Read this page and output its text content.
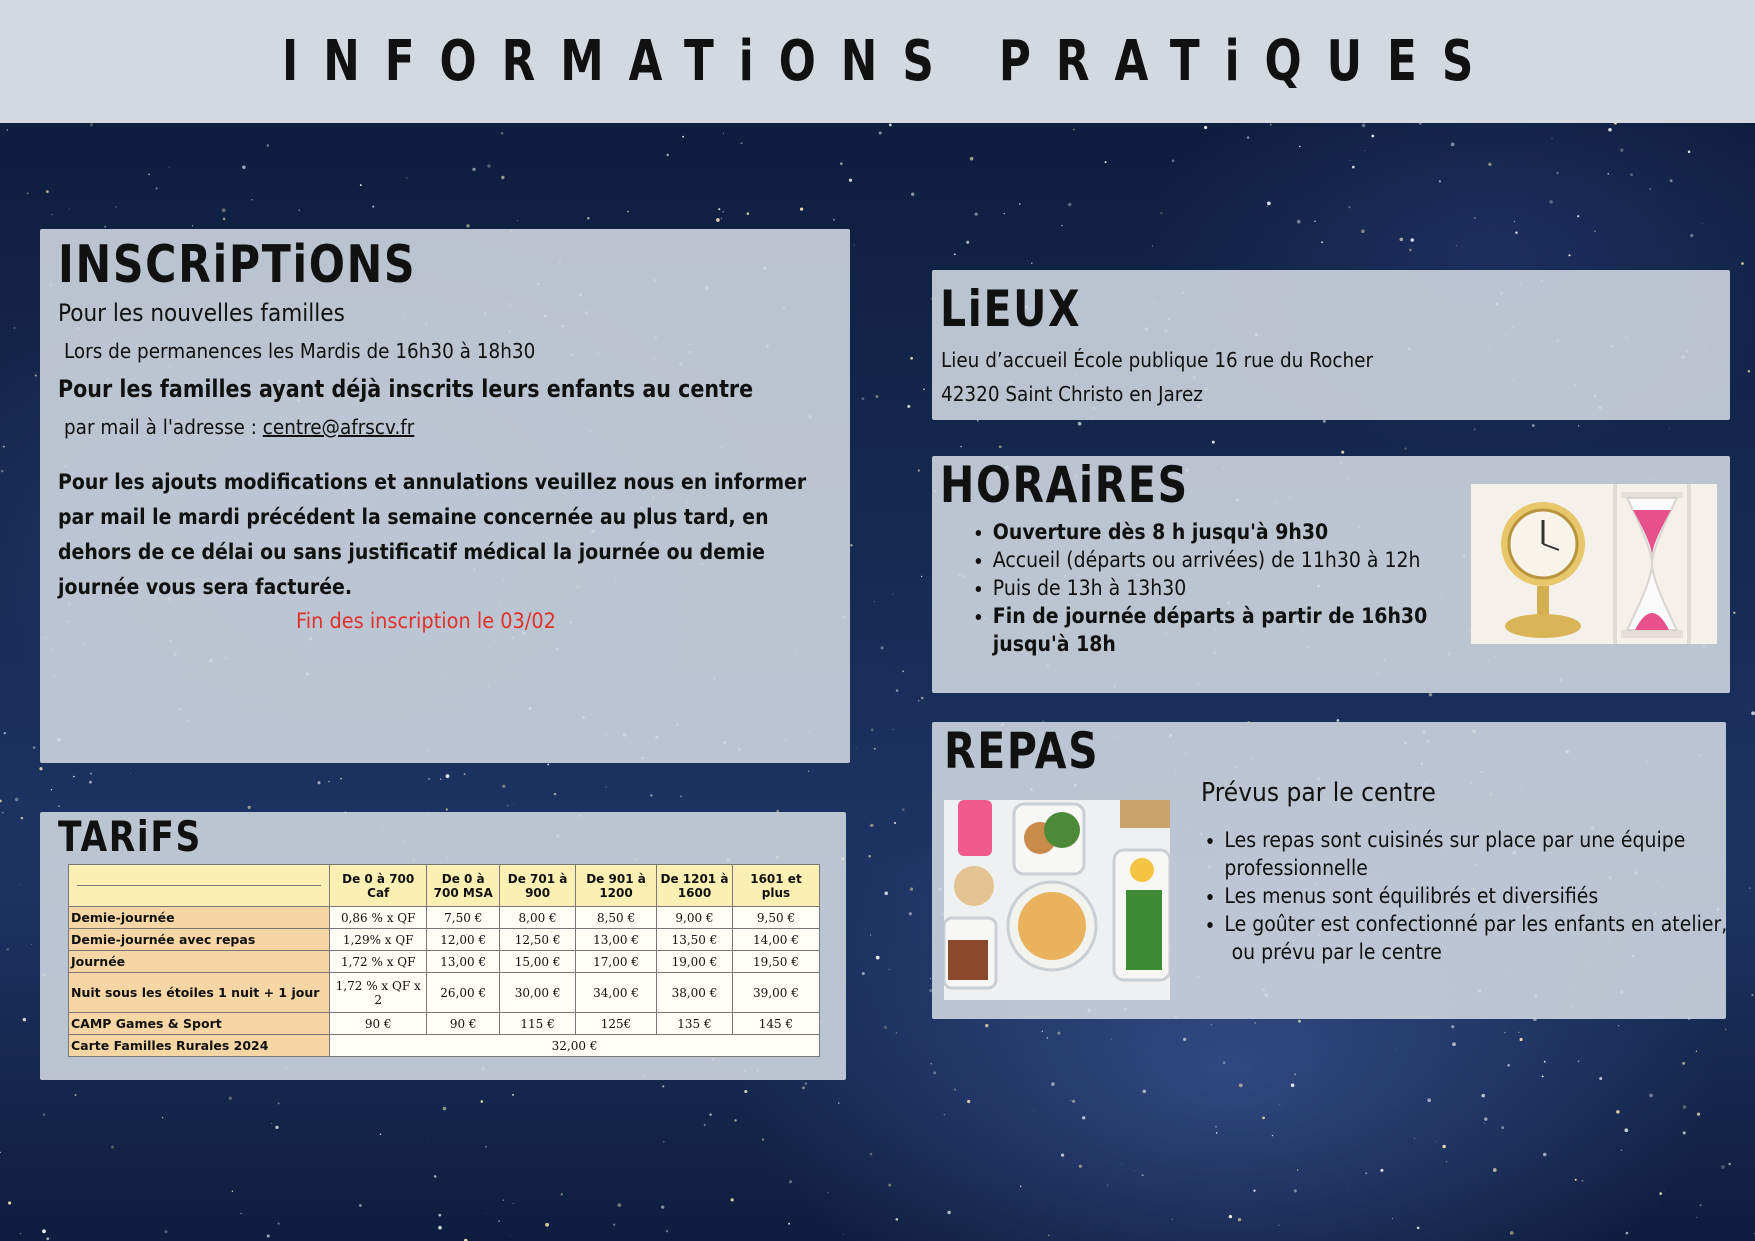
INFORMATiONS PRATiQUES
INSCRiPTiONS
Pour les nouvelles familles
Lors de permanences les Mardis de 16h30 à 18h30
Pour les familles ayant déjà inscrits leurs enfants au centre
par mail à l'adresse : centre@afrscv.fr
Pour les ajouts modifications et annulations veuillez nous en informer par mail le mardi précédent la semaine concernée au plus tard, en dehors de ce délai ou sans justificatif médical la journée ou demie journée vous sera facturée.
Fin des inscription le 03/02
TARiFS
	De 0 à 700 Caf	De 0 à 700 MSA	De 701 à 900	De 901 à 1200	De 1201 à 1600	1601 et plus
Demie-journée	0,86 % x QF	7,50 €	8,00 €	8,50 €	9,00 €	9,50 €
Demie-journée avec repas	1,29% x QF	12,00 €	12,50 €	13,00 €	13,50 €	14,00 €
Journée	1,72 % x QF	13,00 €	15,00 €	17,00 €	19,00 €	19,50 €
Nuit sous les étoiles 1 nuit + 1 jour	1,72 % x QF x 2	26,00 €	30,00 €	34,00 €	38,00 €	39,00 €
CAMP Games & Sport	90 €	90 €	115 €	125€	135 €	145 €
Carte Familles Rurales 2024	32,00 €					
LiEUX
Lieu d’accueil École publique 16 rue du Rocher
42320 Saint Christo en Jarez
HORAiRES
• Ouverture dès 8 h jusqu'à 9h30
• Accueil (départs ou arrivées) de 11h30 à 12h
• Puis de 13h à 13h30
• Fin de journée départs à partir de 16h30 jusqu'à 18h
REPAS
Prévus par le centre
• Les repas sont cuisinés sur place par une équipe professionnelle
• Les menus sont équilibrés et diversifiés
• Le goûter est confectionné par les enfants en atelier,
ou prévu par le centre
